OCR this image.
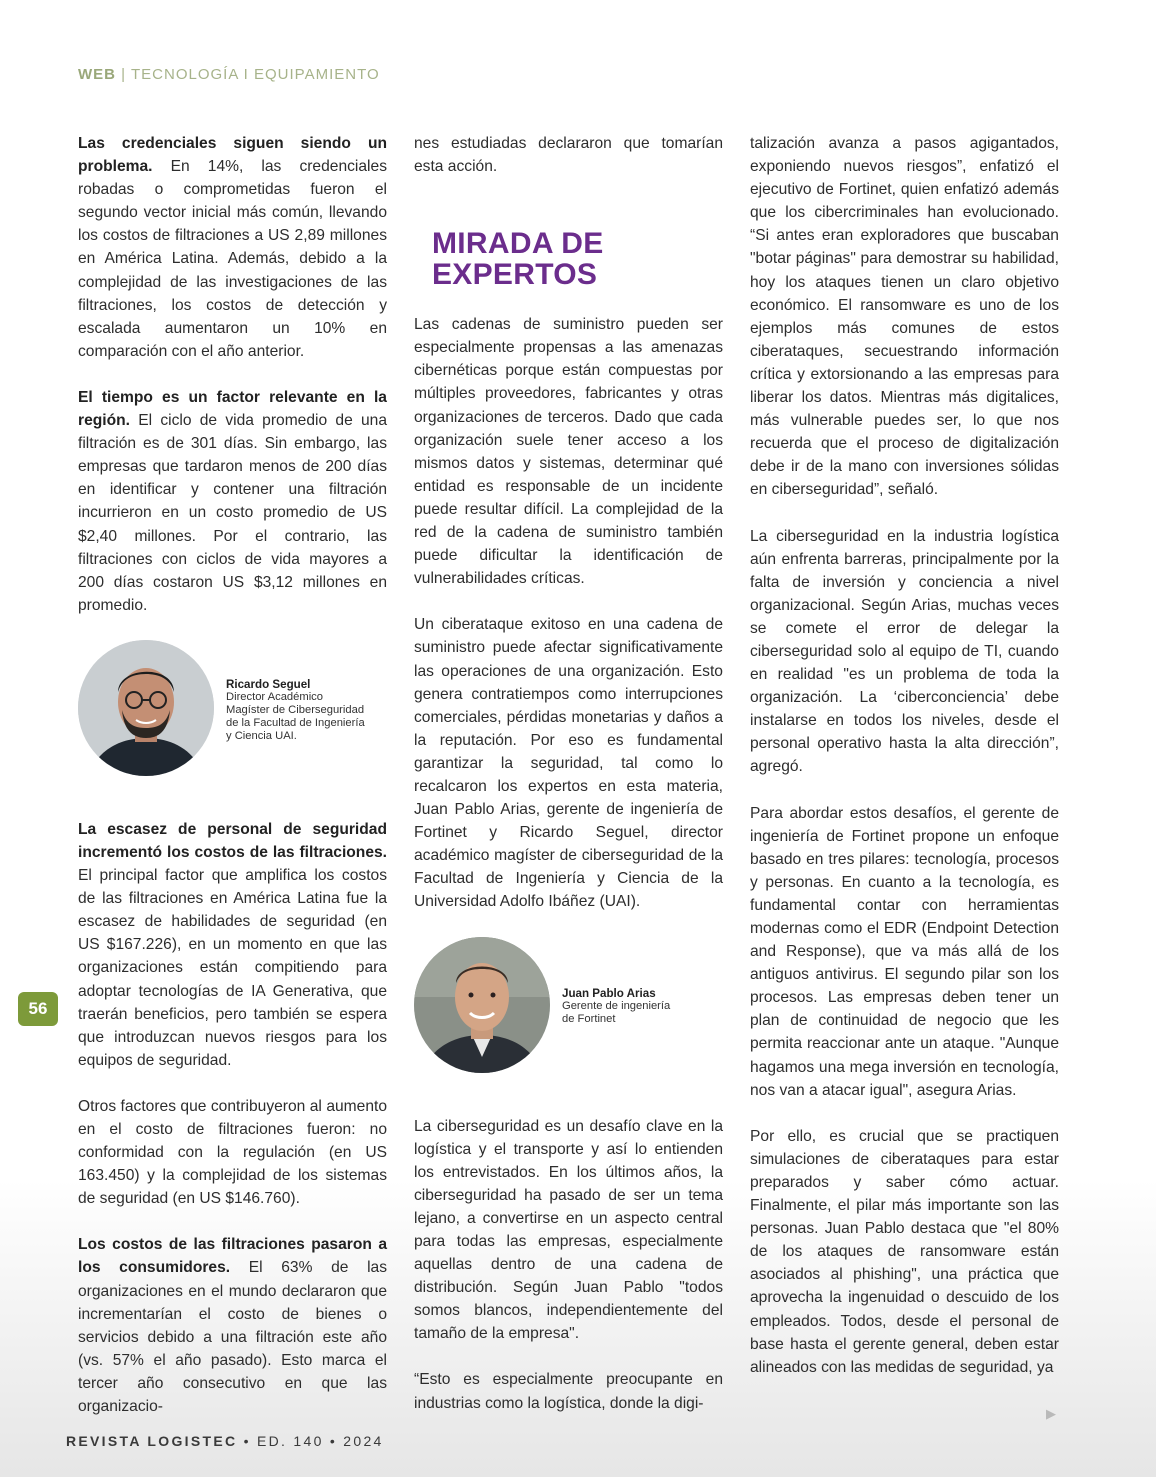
WEB | TECNOLOGÍA I EQUIPAMIENTO

Las credenciales siguen siendo un problema. En 14%, las credenciales robadas o comprometidas fueron el segundo vector inicial más común, llevando los costos de filtraciones a US 2,89 millones en América Latina. Además, debido a la complejidad de las investigaciones de las filtraciones, los costos de detección y escalada aumentaron un 10% en comparación con el año anterior.

El tiempo es un factor relevante en la región. El ciclo de vida promedio de una filtración es de 301 días. Sin embargo, las empresas que tardaron menos de 200 días en identificar y contener una filtración incurrieron en un costo promedio de US $2,40 millones. Por el contrario, las filtraciones con ciclos de vida mayores a 200 días costaron US $3,12 millones en promedio.

Ricardo Seguel
Director Académico
Magíster de Ciberseguridad
de la Facultad de Ingeniería
y Ciencia UAI.

La escasez de personal de seguridad incrementó los costos de las filtraciones. El principal factor que amplifica los costos de las filtraciones en América Latina fue la escasez de habilidades de seguridad (en US $167.226), en un momento en que las organizaciones están compitiendo para adoptar tecnologías de IA Generativa, que traerán beneficios, pero también se espera que introduzcan nuevos riesgos para los equipos de seguridad.

Otros factores que contribuyeron al aumento en el costo de filtraciones fueron: no conformidad con la regulación (en US 163.450) y la complejidad de los sistemas de seguridad (en US $146.760).

Los costos de las filtraciones pasaron a los consumidores. El 63% de las organizaciones en el mundo declararon que incrementarían el costo de bienes o servicios debido a una filtración este año (vs. 57% el año pasado). Esto marca el tercer año consecutivo en que las organizacio-

nes estudiadas declararon que tomarían esta acción.

MIRADA DE
EXPERTOS

Las cadenas de suministro pueden ser especialmente propensas a las amenazas cibernéticas porque están compuestas por múltiples proveedores, fabricantes y otras organizaciones de terceros. Dado que cada organización suele tener acceso a los mismos datos y sistemas, determinar qué entidad es responsable de un incidente puede resultar difícil. La complejidad de la red de la cadena de suministro también puede dificultar la identificación de vulnerabilidades críticas.

Un ciberataque exitoso en una cadena de suministro puede afectar significativamente las operaciones de una organización. Esto genera contratiempos como interrupciones comerciales, pérdidas monetarias y daños a la reputación. Por eso es fundamental garantizar la seguridad, tal como lo recalcaron los expertos en esta materia, Juan Pablo Arias, gerente de ingeniería de Fortinet y Ricardo Seguel, director académico magíster de ciberseguridad de la Facultad de Ingeniería y Ciencia de la Universidad Adolfo Ibáñez (UAI).

Juan Pablo Arias
Gerente de ingeniería
de Fortinet

La ciberseguridad es un desafío clave en la logística y el transporte y así lo entienden los entrevistados. En los últimos años, la ciberseguridad ha pasado de ser un tema lejano, a convertirse en un aspecto central para todas las empresas, especialmente aquellas dentro de una cadena de distribución. Según Juan Pablo "todos somos blancos, independientemente del tamaño de la empresa".

“Esto es especialmente preocupante en industrias como la logística, donde la digi-

talización avanza a pasos agigantados, exponiendo nuevos riesgos”, enfatizó el ejecutivo de Fortinet, quien enfatizó además que los cibercriminales han evolucionado. “Si antes eran exploradores que buscaban "botar páginas" para demostrar su habilidad, hoy los ataques tienen un claro objetivo económico. El ransomware es uno de los ejemplos más comunes de estos ciberataques, secuestrando información crítica y extorsionando a las empresas para liberar los datos. Mientras más digitalices, más vulnerable puedes ser, lo que nos recuerda que el proceso de digitalización debe ir de la mano con inversiones sólidas en ciberseguridad”, señaló.

La ciberseguridad en la industria logística aún enfrenta barreras, principalmente por la falta de inversión y conciencia a nivel organizacional. Según Arias, muchas veces se comete el error de delegar la ciberseguridad solo al equipo de TI, cuando en realidad "es un problema de toda la organización. La ‘ciberconciencia’ debe instalarse en todos los niveles, desde el personal operativo hasta la alta dirección”, agregó.

Para abordar estos desafíos, el gerente de ingeniería de Fortinet propone un enfoque basado en tres pilares: tecnología, procesos y personas. En cuanto a la tecnología, es fundamental contar con herramientas modernas como el EDR (Endpoint Detection and Response), que va más allá de los antiguos antivirus. El segundo pilar son los procesos. Las empresas deben tener un plan de continuidad de negocio que les permita reaccionar ante un ataque. "Aunque hagamos una mega inversión en tecnología, nos van a atacar igual", asegura Arias.

Por ello, es crucial que se practiquen simulaciones de ciberataques para estar preparados y saber cómo actuar. Finalmente, el pilar más importante son las personas. Juan Pablo destaca que "el 80% de los ataques de ransomware están asociados al phishing", una práctica que aprovecha la ingenuidad o descuido de los empleados. Todos, desde el personal de base hasta el gerente general, deben estar alineados con las medidas de seguridad, ya

56
▶
REVISTA LOGISTEC • ED. 140 • 2024
